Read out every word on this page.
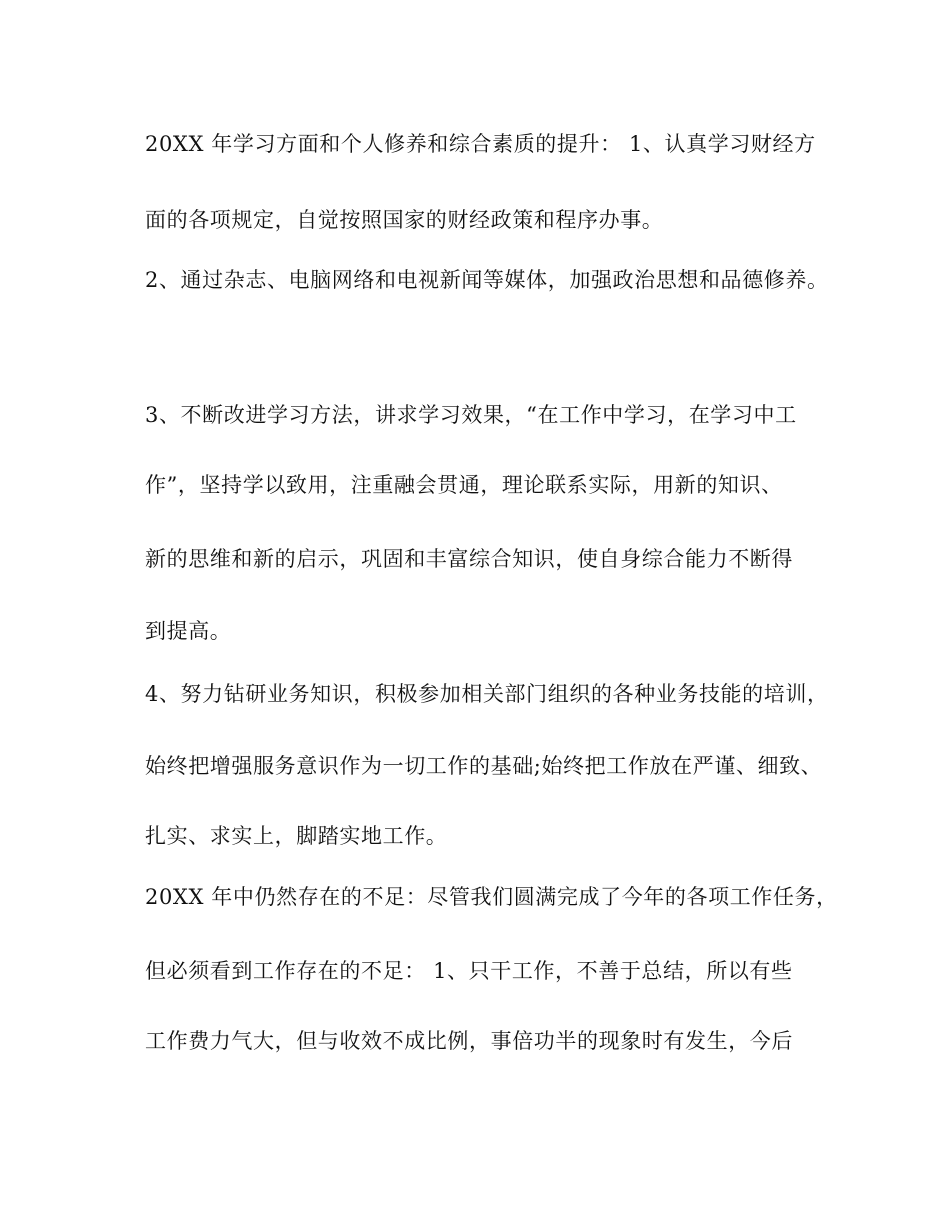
20XX 年学习方面和个人修养和综合素质的提升： 1、认真学习财经方
面的各项规定，自觉按照国家的财经政策和程序办事。
2、通过杂志、电脑网络和电视新闻等媒体，加强政治思想和品德修养。
3、不断改进学习方法，讲求学习效果，“在工作中学习，在学习中工
作”，坚持学以致用，注重融会贯通，理论联系实际，用新的知识、
新的思维和新的启示，巩固和丰富综合知识，使自身综合能力不断得
到提高。
4、努力钻研业务知识，积极参加相关部门组织的各种业务技能的培训，
始终把增强服务意识作为一切工作的基础;始终把工作放在严谨、细致、
扎实、求实上，脚踏实地工作。
20XX 年中仍然存在的不足：尽管我们圆满完成了今年的各项工作任务，
但必须看到工作存在的不足： 1、只干工作，不善于总结，所以有些
工作费力气大，但与收效不成比例，事倍功半的现象时有发生，今后
